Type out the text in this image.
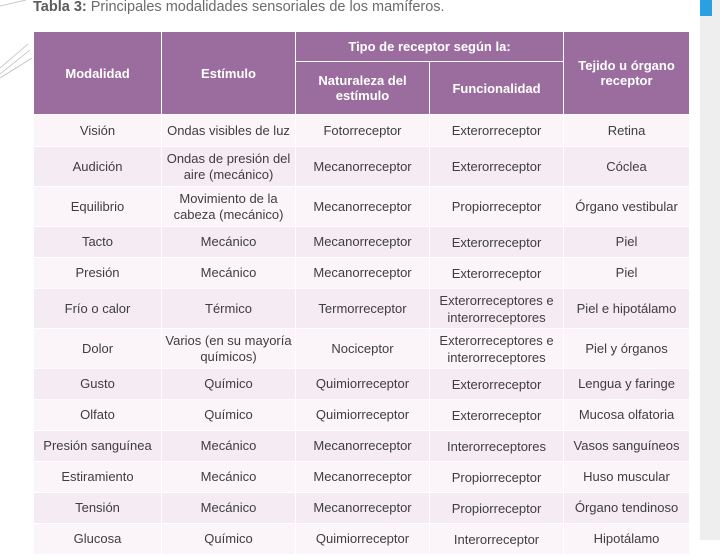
Tabla 3: Principales modalidades sensoriales de los mamíferos.
Modalidad	Estímulo	Tipo de receptor según la:		Tejido u órgano receptor
		Naturaleza del estímulo	Funcionalidad	
Visión	Ondas visibles de luz	Fotorreceptor	Exterorreceptor	Retina
Audición	Ondas de presión del aire (mecánico)	Mecanorreceptor	Exterorreceptor	Cóclea
Equilibrio	Movimiento de la cabeza (mecánico)	Mecanorreceptor	Propiorreceptor	Órgano vestibular
Tacto	Mecánico	Mecanorreceptor	Exterorreceptor	Piel
Presión	Mecánico	Mecanorreceptor	Exterorreceptor	Piel
Frío o calor	Térmico	Termorreceptor	Exterorreceptores e interorreceptores	Piel e hipotálamo
Dolor	Varios (en su mayoría químicos)	Nociceptor	Exterorreceptores e interorreceptores	Piel y órganos
Gusto	Químico	Quimiorreceptor	Exterorreceptor	Lengua y faringe
Olfato	Químico	Quimiorreceptor	Exterorreceptor	Mucosa olfatoria
Presión sanguínea	Mecánico	Mecanorreceptor	Interorreceptores	Vasos sanguíneos
Estiramiento	Mecánico	Mecanorreceptor	Propiorreceptor	Huso muscular
Tensión	Mecánico	Mecanorreceptor	Propiorreceptor	Órgano tendinoso
Glucosa	Químico	Quimiorreceptor	Interorreceptor	Hipotálamo
